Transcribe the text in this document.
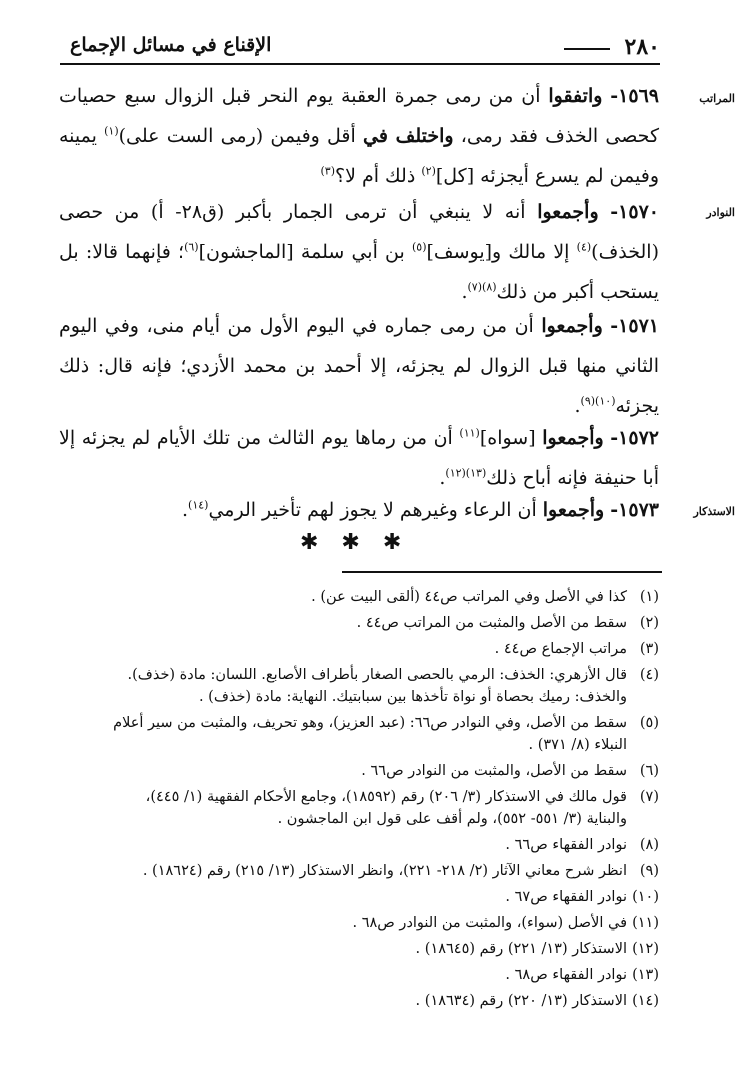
٢٨٠
الإقناع في مسائل الإجماع
المراتب
النوادر
الاستذكار
١٥٦٩- واتفقوا أن من رمى جمرة العقبة يوم النحر قبل الزوال سبع حصيات كحصى الخذف فقد رمى، واختلف في أقل وفيمن (رمى الست على)$^{(١)}$ يمينه وفيمن لم يسرع أيجزئه [كل]$^{(٢)}$ ذلك أم لا؟$^{(٣)}$
١٥٧٠- وأجمعوا أنه لا ينبغي أن ترمى الجمار بأكبر (ق٢٨- أ) من حصى (الخذف)$^{(٤)}$ إلا مالك و[يوسف]$^{(٥)}$ بن أبي سلمة [الماجشون]$^{(٦)}$؛ فإنهما قالا: بل يستحب أكبر من ذلك$^{(٨)(٧)}$.
١٥٧١- وأجمعوا أن من رمى جماره في اليوم الأول من أيام منى، وفي اليوم الثاني منها قبل الزوال لم يجزئه، إلا أحمد بن محمد الأزدي؛ فإنه قال: ذلك يجزئه$^{(١٠)(٩)}$.
١٥٧٢- وأجمعوا [سواه]$^{(١١)}$ أن من رماها يوم الثالث من تلك الأيام لم يجزئه إلا أبا حنيفة فإنه أباح ذلك$^{(١٣)(١٢)}$.
١٥٧٣- وأجمعوا أن الرعاء وغيرهم لا يجوز لهم تأخير الرمي$^{(١٤)}$.
✱ ✱ ✱
(١)
كذا في الأصل وفي المراتب ص٤٤ (ألقى البيت عن) .
(٢)
سقط من الأصل والمثبت من المراتب ص٤٤ .
(٣)
مراتب الإجماع ص٤٤ .
(٤)
قال الأزهري: الخذف: الرمي بالحصى الصغار بأطراف الأصابع. اللسان: مادة (خذف).
والخذف: رميك بحصاة أو نواة تأخذها بين سبابتيك. النهاية: مادة (خذف) .
(٥)
سقط من الأصل، وفي النوادر ص٦٦: (عبد العزيز)، وهو تحريف، والمثبت من سير أعلام
النبلاء (٨/ ٣٧١) .
(٦)
سقط من الأصل، والمثبت من النوادر ص٦٦ .
(٧)
قول مالك في الاستذكار (٣/ ٢٠٦) رقم (١٨٥٩٢)، وجامع الأحكام الفقهية (١/ ٤٤٥)،
والبناية (٣/ ٥٥١- ٥٥٢)، ولم أقف على قول ابن الماجشون .
(٨)
نوادر الفقهاء ص٦٦ .
(٩)
انظر شرح معاني الآثار (٢/ ٢١٨- ٢٢١)، وانظر الاستذكار (١٣/ ٢١٥) رقم (١٨٦٢٤) .
(١٠)
نوادر الفقهاء ص٦٧ .
(١١)
في الأصل (سواء)، والمثبت من النوادر ص٦٨ .
(١٢)
الاستذكار (١٣/ ٢٢١) رقم (١٨٦٤٥) .
(١٣)
نوادر الفقهاء ص٦٨ .
(١٤)
الاستذكار (١٣/ ٢٢٠) رقم (١٨٦٣٤) .
